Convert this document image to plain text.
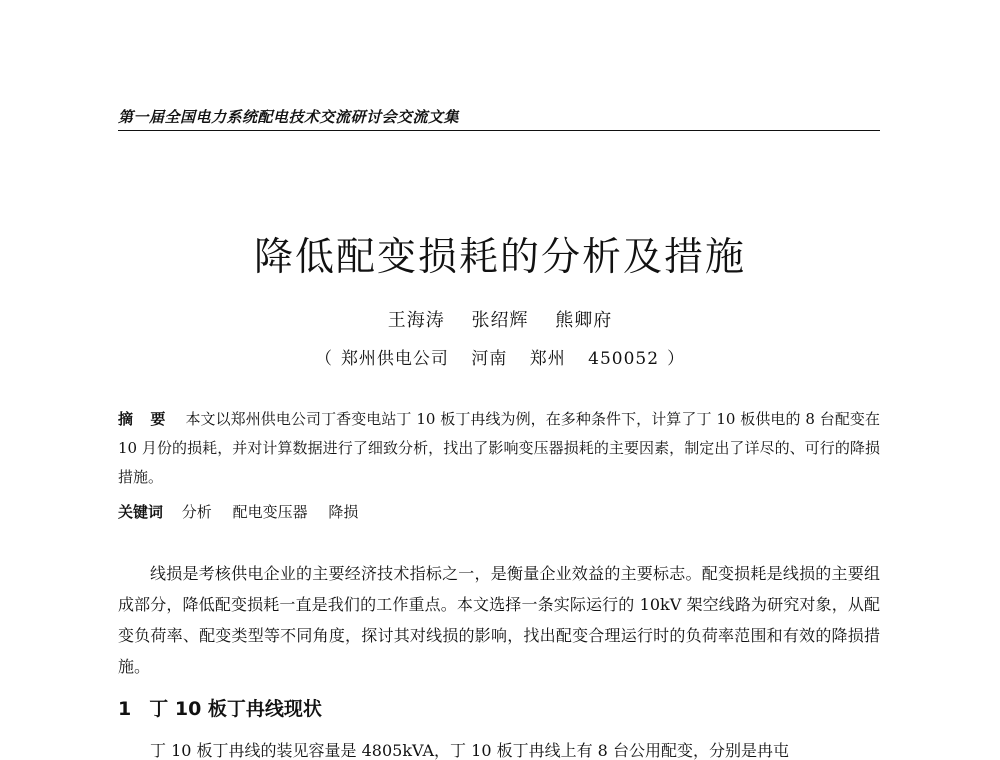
第一届全国电力系统配电技术交流研讨会交流文集
降低配变损耗的分析及措施
王海涛 张绍辉 熊卿府
（ 郑州供电公司 河南 郑州 450052 ）
摘 要 本文以郑州供电公司丁香变电站丁 10 板丁冉线为例，在多种条件下，计算了丁 10 板供电的 8 台配变在 10 月份的损耗，并对计算数据进行了细致分析，找出了影响变压器损耗的主要因素，制定出了详尽的、可行的降损措施。
关键词 分析 配电变压器 降损
线损是考核供电企业的主要经济技术指标之一，是衡量企业效益的主要标志。配变损耗是线损的主要组成部分，降低配变损耗一直是我们的工作重点。本文选择一条实际运行的 10kV 架空线路为研究对象，从配变负荷率、配变类型等不同角度，探讨其对线损的影响，找出配变合理运行时的负荷率范围和有效的降损措施。
1 丁 10 板丁冉线现状
丁 10 板丁冉线的装见容量是 4805kVA，丁 10 板丁冉线上有 8 台公用配变，分别是冉屯
